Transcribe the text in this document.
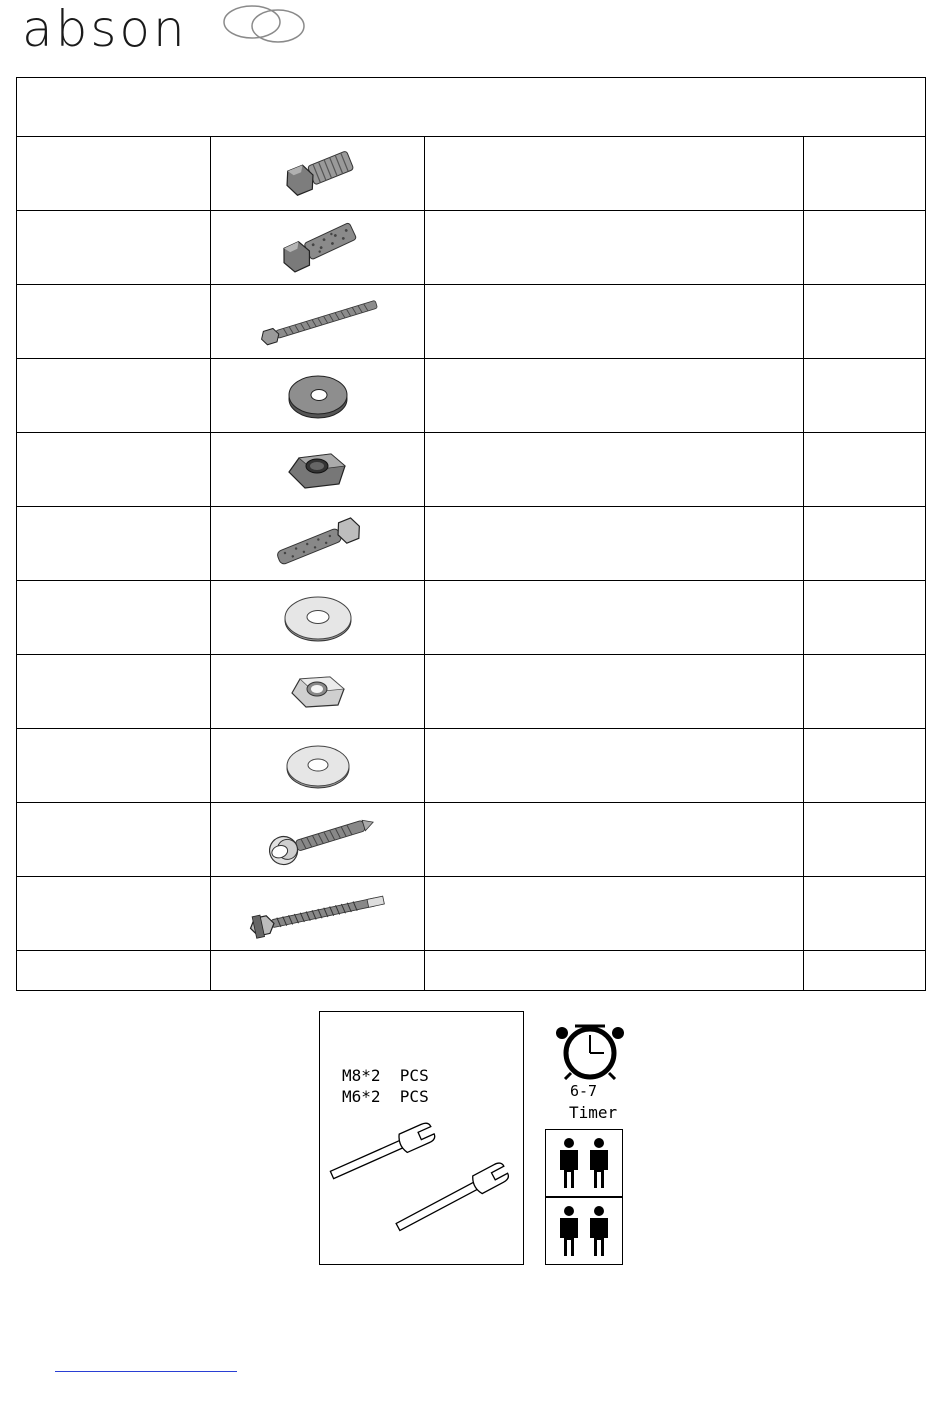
abson

M8*2  PCS
M6*2  PCS	6-7
Timer
